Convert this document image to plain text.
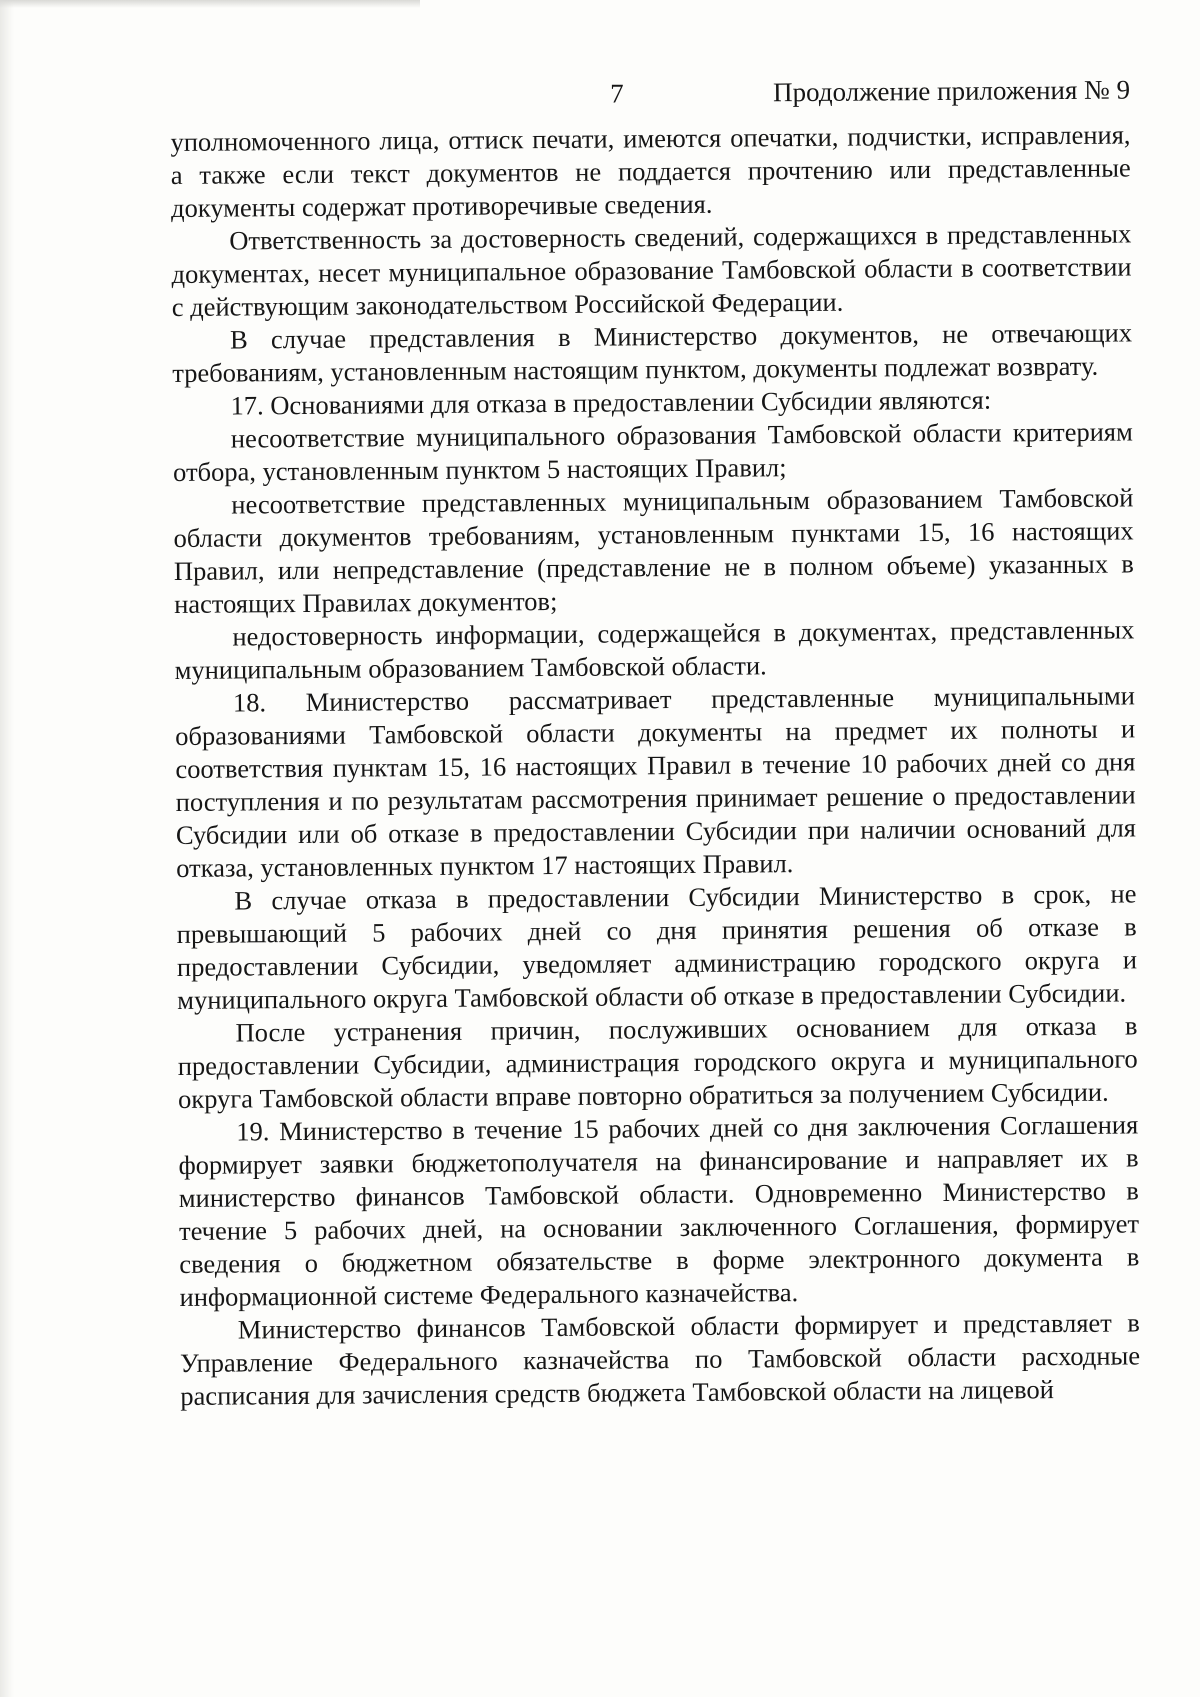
7	Продолжение приложения № 9

уполномоченного лица, оттиск печати, имеются опечатки, подчистки, исправления, а также если текст документов не поддается прочтению или представленные документы содержат противоречивые сведения.

Ответственность за достоверность сведений, содержащихся в представленных документах, несет муниципальное образование Тамбовской области в соответствии с действующим законодательством Российской Федерации.

В случае представления в Министерство документов, не отвечающих требованиям, установленным настоящим пунктом, документы подлежат возврату.

17. Основаниями для отказа в предоставлении Субсидии являются:

несоответствие муниципального образования Тамбовской области критериям отбора, установленным пунктом 5 настоящих Правил;

несоответствие представленных муниципальным образованием Тамбовской области документов требованиям, установленным пунктами 15, 16 настоящих Правил, или непредставление (представление не в полном объеме) указанных в настоящих Правилах документов;

недостоверность информации, содержащейся в документах, представленных муниципальным образованием Тамбовской области.

18. Министерство рассматривает представленные муниципальными образованиями Тамбовской области документы на предмет их полноты и соответствия пунктам 15, 16 настоящих Правил в течение 10 рабочих дней со дня поступления и по результатам рассмотрения принимает решение о предоставлении Субсидии или об отказе в предоставлении Субсидии при наличии оснований для отказа, установленных пунктом 17 настоящих Правил.

В случае отказа в предоставлении Субсидии Министерство в срок, не превышающий 5 рабочих дней со дня принятия решения об отказе в предоставлении Субсидии, уведомляет администрацию городского округа и муниципального округа Тамбовской области об отказе в предоставлении Субсидии.

После устранения причин, послуживших основанием для отказа в предоставлении Субсидии, администрация городского округа и муниципального округа Тамбовской области вправе повторно обратиться за получением Субсидии.

19. Министерство в течение 15 рабочих дней со дня заключения Соглашения формирует заявки бюджетополучателя на финансирование и направляет их в министерство финансов Тамбовской области. Одновременно Министерство в течение 5 рабочих дней, на основании заключенного Соглашения, формирует сведения о бюджетном обязательстве в форме электронного документа в информационной системе Федерального казначейства.

Министерство финансов Тамбовской области формирует и представляет в Управление Федерального казначейства по Тамбовской области расходные расписания для зачисления средств бюджета Тамбовской области на лицевой
